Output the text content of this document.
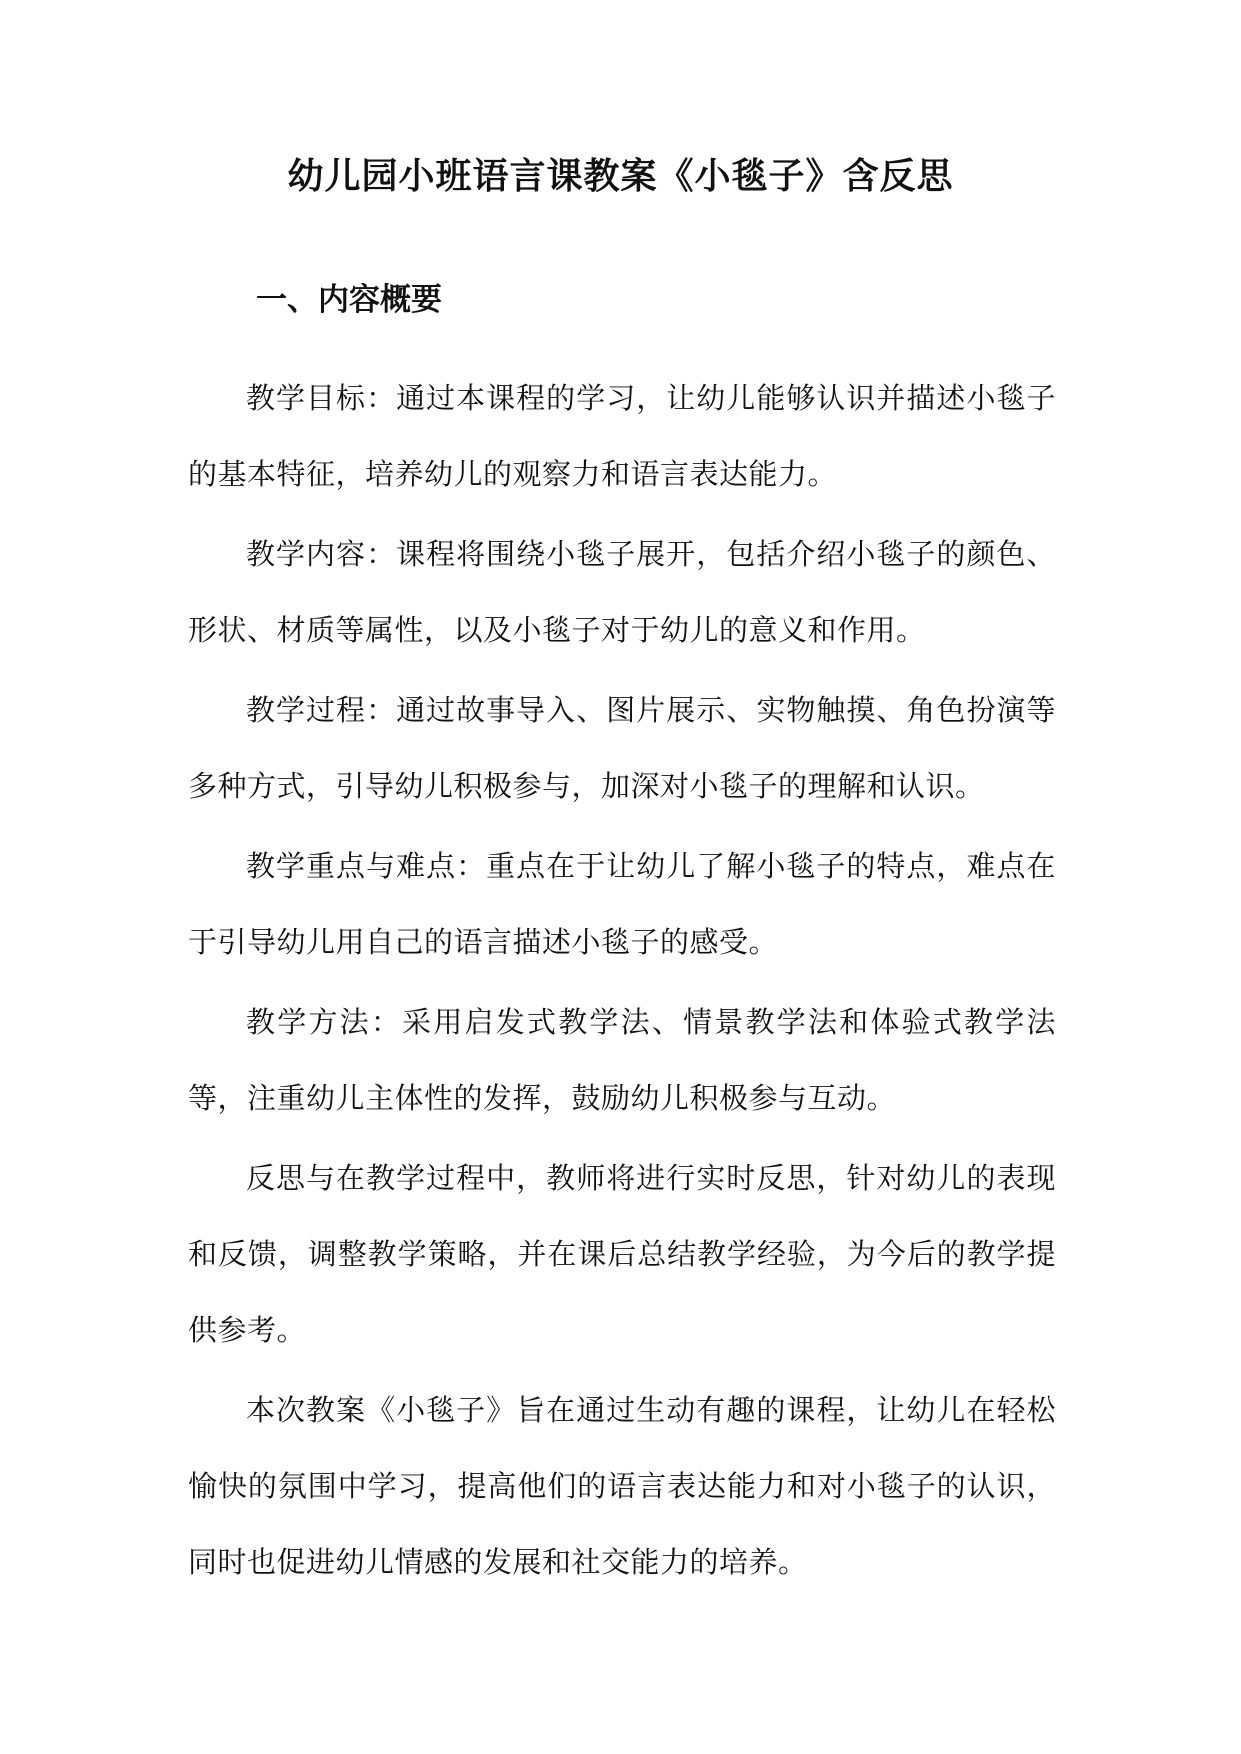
幼儿园小班语言课教案《小毯子》含反思
一、内容概要

教学目标：通过本课程的学习，让幼儿能够认识并描述小毯子的基本特征，培养幼儿的观察力和语言表达能力。

教学内容：课程将围绕小毯子展开，包括介绍小毯子的颜色、形状、材质等属性，以及小毯子对于幼儿的意义和作用。

教学过程：通过故事导入、图片展示、实物触摸、角色扮演等多种方式，引导幼儿积极参与，加深对小毯子的理解和认识。

教学重点与难点：重点在于让幼儿了解小毯子的特点，难点在于引导幼儿用自己的语言描述小毯子的感受。

教学方法：采用启发式教学法、情景教学法和体验式教学法等，注重幼儿主体性的发挥，鼓励幼儿积极参与互动。

反思与在教学过程中，教师将进行实时反思，针对幼儿的表现和反馈，调整教学策略，并在课后总结教学经验，为今后的教学提供参考。

本次教案《小毯子》旨在通过生动有趣的课程，让幼儿在轻松愉快的氛围中学习，提高他们的语言表达能力和对小毯子的认识，同时也促进幼儿情感的发展和社交能力的培养。
